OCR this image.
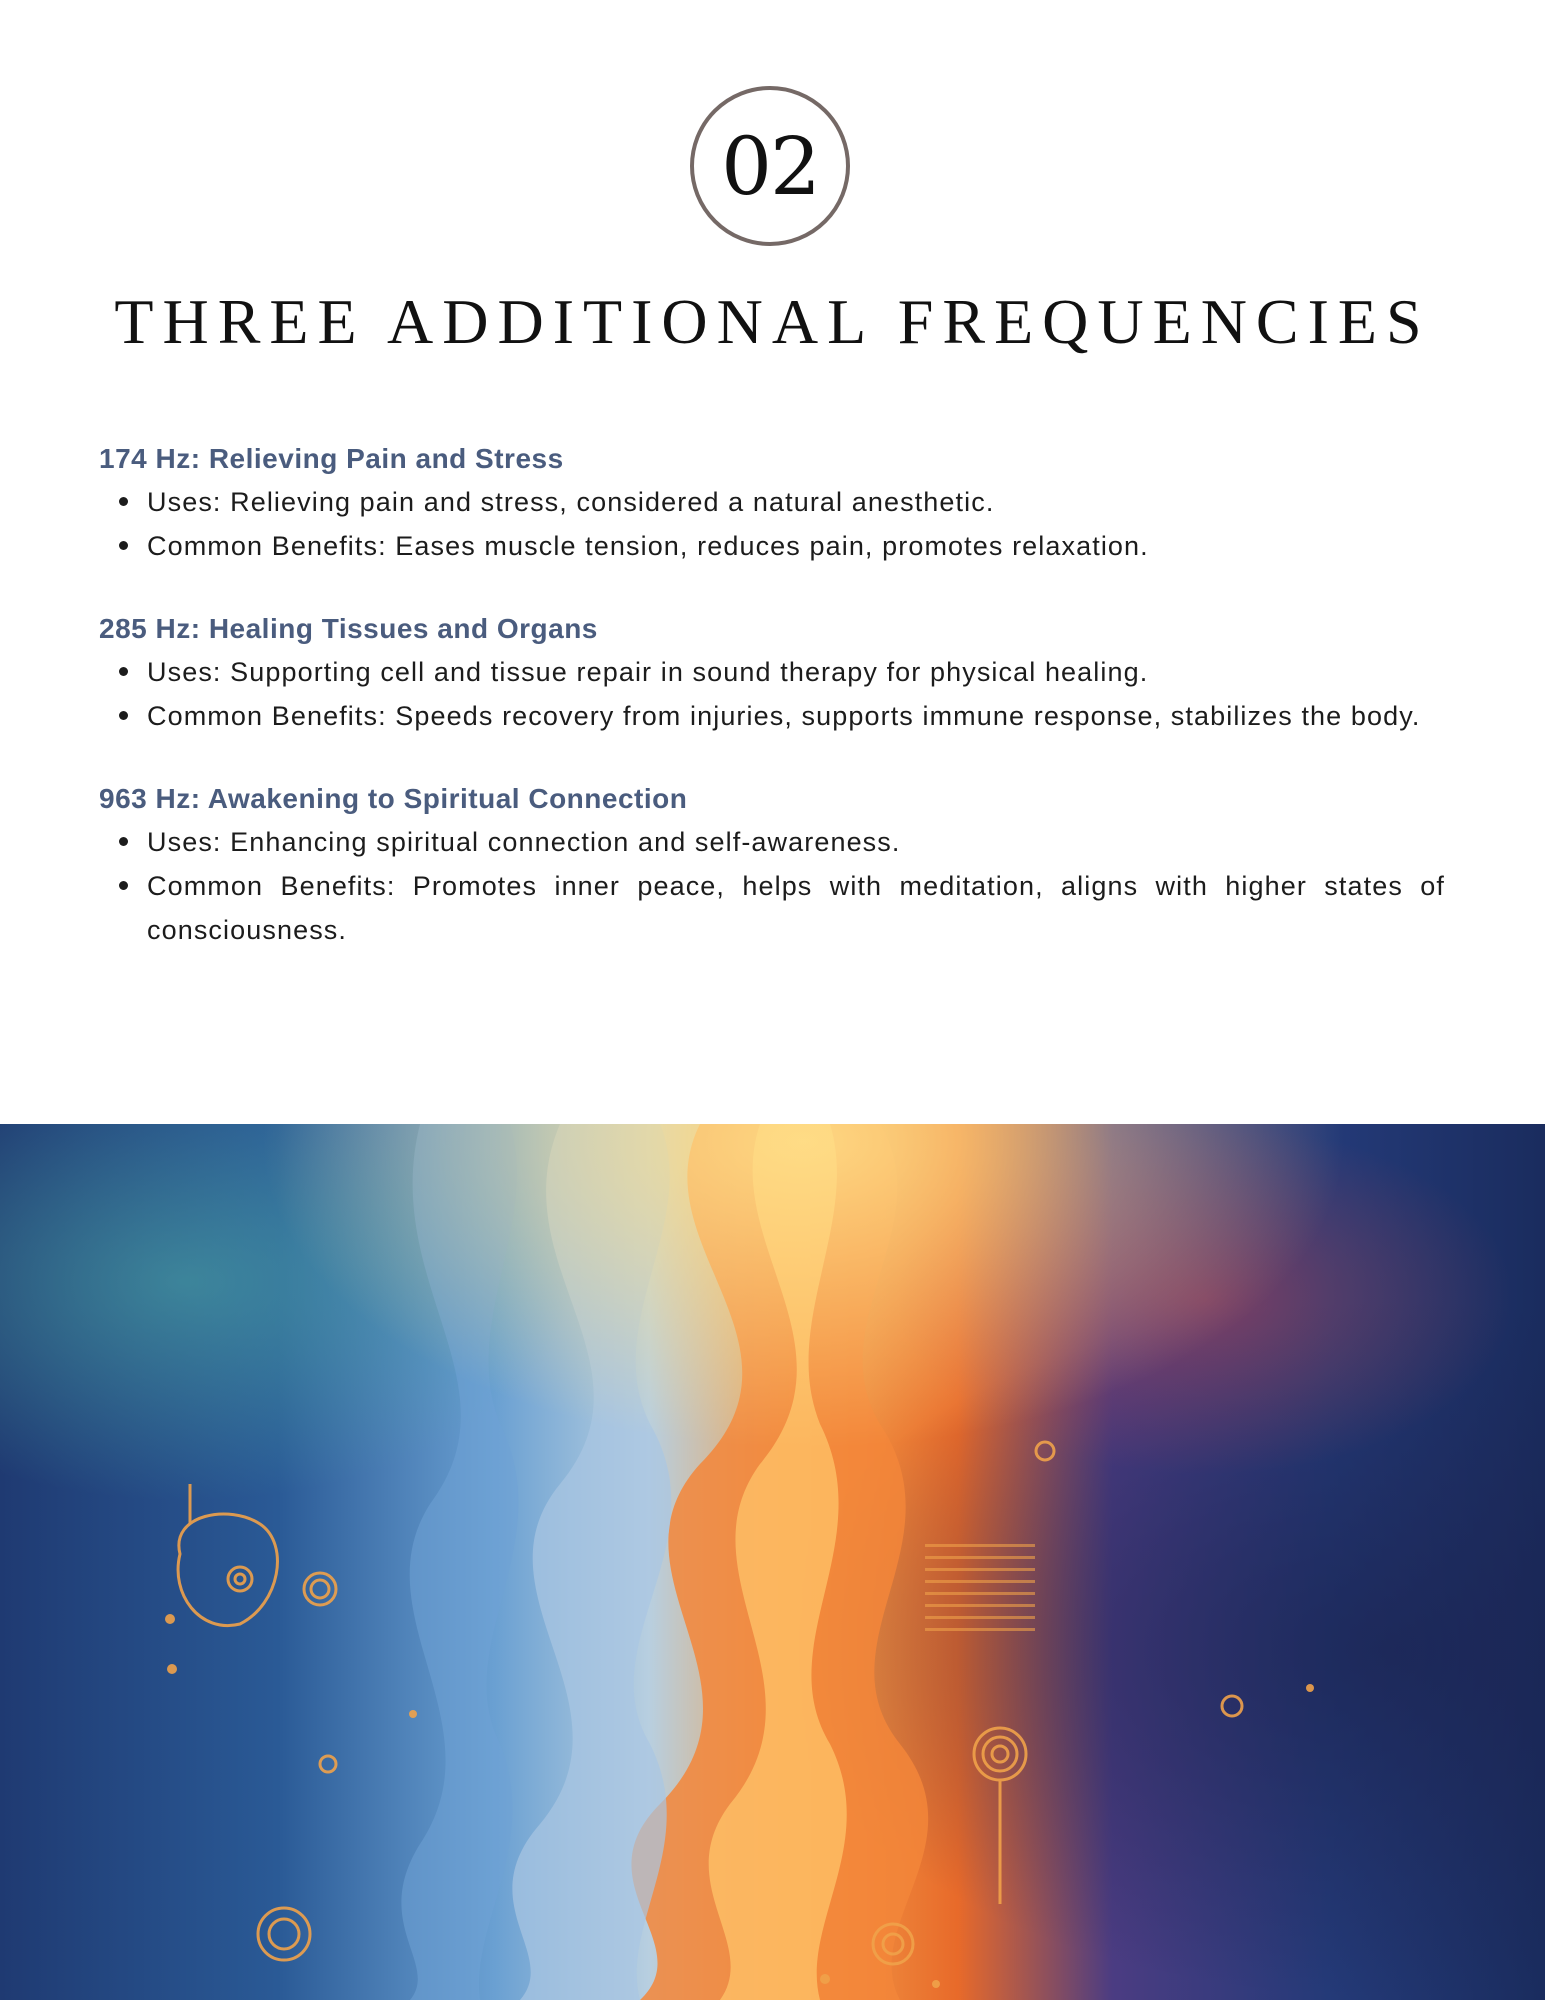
02
THREE ADDITIONAL FREQUENCIES
174 Hz: Relieving Pain and Stress
Uses: Relieving pain and stress, considered a natural anesthetic.
Common Benefits: Eases muscle tension, reduces pain, promotes relaxation.
285 Hz: Healing Tissues and Organs
Uses: Supporting cell and tissue repair in sound therapy for physical healing.
Common Benefits: Speeds recovery from injuries, supports immune response, stabilizes the body.
963 Hz: Awakening to Spiritual Connection
Uses: Enhancing spiritual connection and self-awareness.
Common Benefits: Promotes inner peace, helps with meditation, aligns with higher states of consciousness.
